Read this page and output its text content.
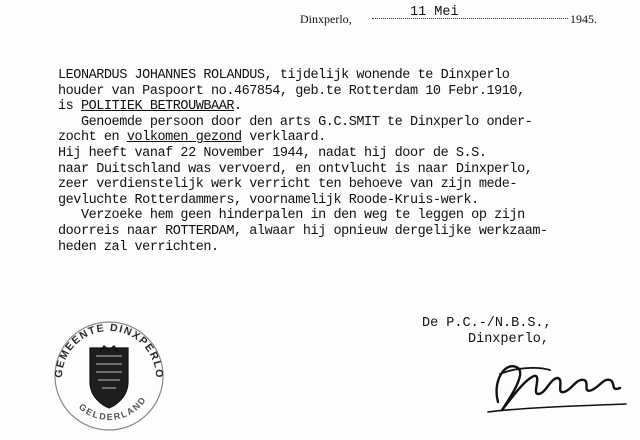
Dinxperlo,	11 Mei	1945.
LEONARDUS JOHANNES ROLANDUS, tijdelijk wonende te Dinxperlo
houder van Paspoort no.467854, geb.te Rotterdam 10 Febr.1910,
is POLITIEK BETROUWBAAR.
Genoemde persoon door den arts G.C.SMIT te Dinxperlo onder-
zocht en volkomen gezond verklaard.
Hij heeft vanaf 22 November 1944, nadat hij door de S.S.
naar Duitschland was vervoerd, en ontvlucht is naar Dinxperlo,
zeer verdienstelijk werk verricht ten behoeve van zijn mede-
gevluchte Rotterdammers, voornamelijk Roode-Kruis-werk.
Verzoeke hem geen hinderpalen in den weg te leggen op zijn
doorreis naar ROTTERDAM, alwaar hij opnieuw dergelijke werkzaam-
heden zal verrichten.
De P.C.-/N.B.S.,
Dinxperlo,
GEMEENTE DINXPERLO
GELDERLAND
